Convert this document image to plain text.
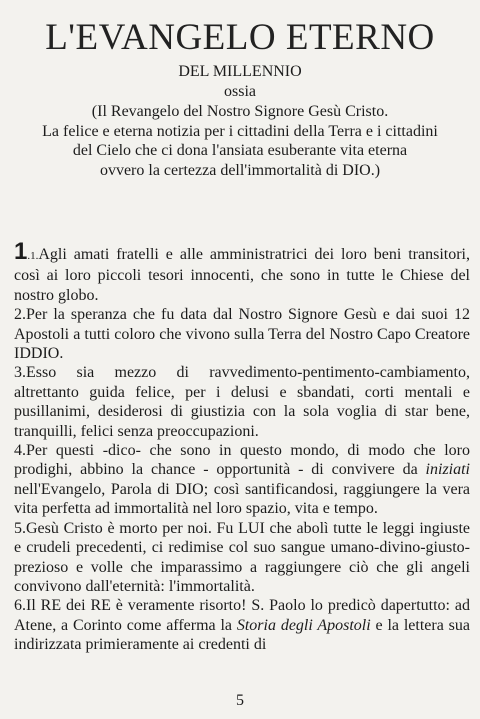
L'EVANGELO ETERNO
DEL MILLENNIO
ossia
(Il Revangelo del Nostro Signore Gesù Cristo.
La felice e eterna notizia per i cittadini della Terra e i cittadini
del Cielo che ci dona l'ansiata esuberante vita eterna
ovvero la certezza dell'immortalità di DIO.)

1.1.Agli amati fratelli e alle amministratrici dei loro beni transitori, così ai loro piccoli tesori innocenti, che sono in tutte le Chiese del nostro globo.

2.Per la speranza che fu data dal Nostro Signore Gesù e dai suoi 12 Apostoli a tutti coloro che vivono sulla Terra del Nostro Capo Creatore IDDIO.

3.Esso sia mezzo di ravvedimento-pentimento-cambiamento, altrettanto guida felice, per i delusi e sbandati, corti mentali e pusillanimi, desiderosi di giustizia con la sola voglia di star bene, tranquilli, felici senza preoccupazioni.

4.Per questi -dico- che sono in questo mondo, di modo che loro prodighi, abbino la chance - opportunità - di convivere da iniziati nell'Evangelo, Parola di DIO; così santificandosi, raggiungere la vera vita perfetta ad immortalità nel loro spazio, vita e tempo.

5.Gesù Cristo è morto per noi. Fu LUI che abolì tutte le leggi ingiuste e crudeli precedenti, ci redimise col suo sangue umano-divino-giusto-prezioso e volle che imparassimo a raggiungere ciò che gli angeli convivono dall'eternità: l'immortalità.

6.Il RE dei RE è veramente risorto! S. Paolo lo predicò dapertutto: ad Atene, a Corinto come afferma la Storia degli Apostoli e la lettera sua indirizzata primieramente ai credenti di

5
